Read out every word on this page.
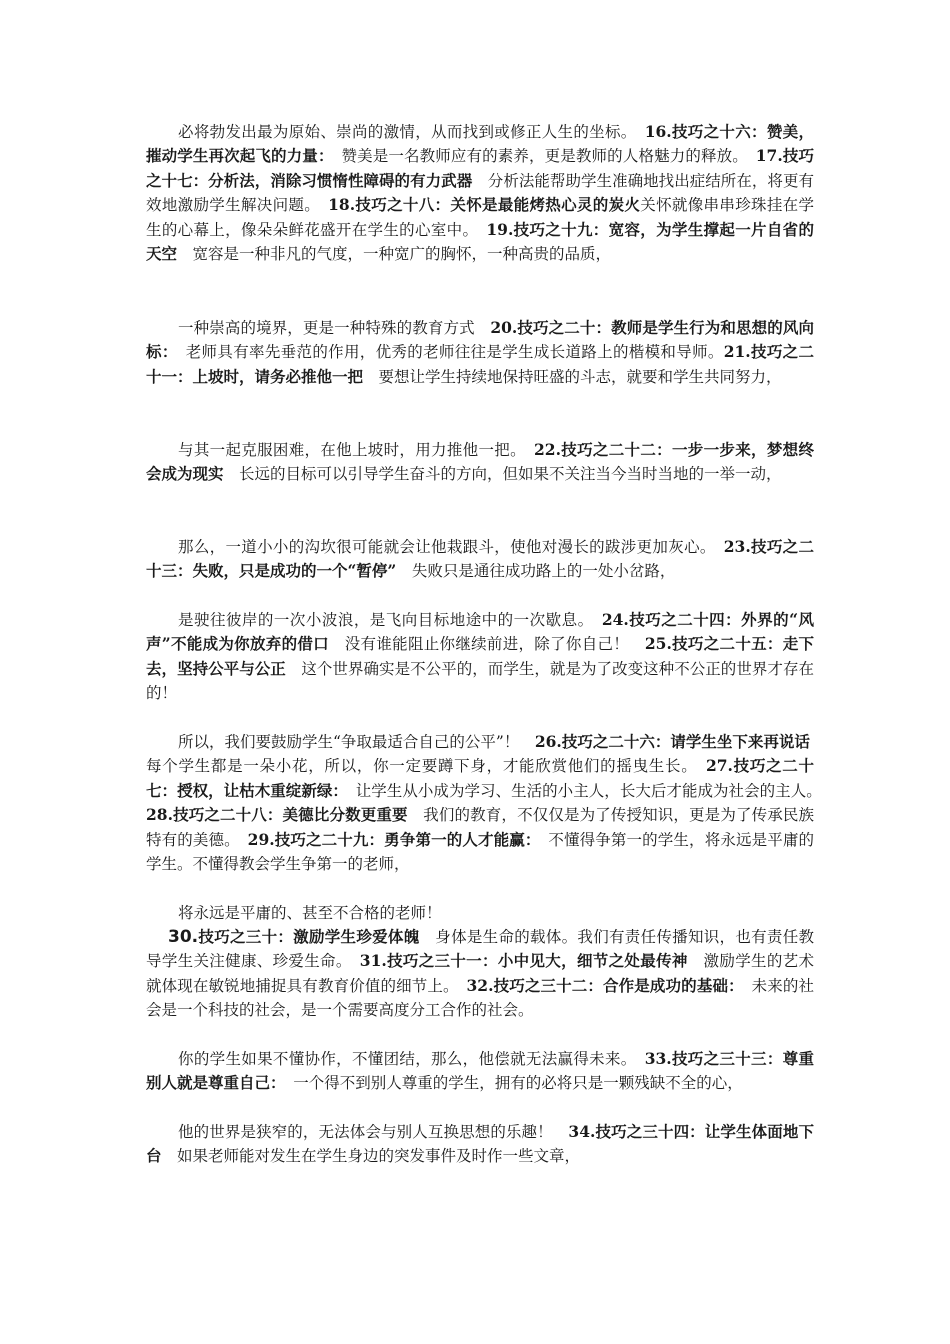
必将勃发出最为原始、崇尚的激情，从而找到或修正人生的坐标。　16.技巧之十六：赞美，摧动学生再次起飞的力量：　赞美是一名教师应有的素养，更是教师的人格魅力的释放。　17.技巧之十七：分析法，消除习惯惰性障碍的有力武器　分析法能帮助学生准确地找出症结所在，将更有效地激励学生解决问题。　18.技巧之十八：关怀是最能烤热心灵的炭火关怀就像串串珍珠挂在学生的心幕上，像朵朵鲜花盛开在学生的心室中。　19.技巧之十九：宽容，为学生撑起一片自省的天空　宽容是一种非凡的气度，一种宽广的胸怀，一种高贵的品质，
一种崇高的境界，更是一种特殊的教育方式　20.技巧之二十：教师是学生行为和思想的风向标：　老师具有率先垂范的作用，优秀的老师往往是学生成长道路上的楷模和导师。21.技巧之二十一：上坡时，请务必推他一把　要想让学生持续地保持旺盛的斗志，就要和学生共同努力，
与其一起克服困难，在他上坡时，用力推他一把。　22.技巧之二十二：一步一步来，梦想终会成为现实　长远的目标可以引导学生奋斗的方向，但如果不关注当今当时当地的一举一动，
那么，一道小小的沟坎很可能就会让他栽跟斗，使他对漫长的跋涉更加灰心。　23.技巧之二十三：失败，只是成功的一个“暂停”　失败只是通往成功路上的一处小岔路，
是驶往彼岸的一次小波浪，是飞向目标地途中的一次歇息。　24.技巧之二十四：外界的“风声”不能成为你放弃的借口　没有谁能阻止你继续前进，除了你自己！　25.技巧之二十五：走下去，坚持公平与公正　这个世界确实是不公平的，而学生，就是为了改变这种不公正的世界才存在的！
所以，我们要鼓励学生“争取最适合自己的公平”！　26.技巧之二十六：请学生坐下来再说话　每个学生都是一朵小花，所以，你一定要蹲下身，才能欣赏他们的摇曳生长。　27.技巧之二十七：授权，让枯木重绽新绿：　让学生从小成为学习、生活的小主人，长大后才能成为社会的主人。　28.技巧之二十八：美德比分数更重要　我们的教育，不仅仅是为了传授知识，更是为了传承民族特有的美德。　29.技巧之二十九：勇争第一的人才能赢：　不懂得争第一的学生，将永远是平庸的学生。不懂得教会学生争第一的老师，
将永远是平庸的、甚至不合格的老师！
30.技巧之三十：激励学生珍爱体魄　身体是生命的载体。我们有责任传播知识，也有责任教导学生关注健康、珍爱生命。　31.技巧之三十一：小中见大，细节之处最传神　激励学生的艺术就体现在敏锐地捕捉具有教育价值的细节上。　32.技巧之三十二：合作是成功的基础：　未来的社会是一个科技的社会，是一个需要高度分工合作的社会。
你的学生如果不懂协作，不懂团结，那么，他偿就无法赢得未来。　33.技巧之三十三：尊重别人就是尊重自己：　一个得不到别人尊重的学生，拥有的必将只是一颗残缺不全的心，
他的世界是狭窄的，无法体会与别人互换思想的乐趣！　34.技巧之三十四：让学生体面地下台　如果老师能对发生在学生身边的突发事件及时作一些文章，
